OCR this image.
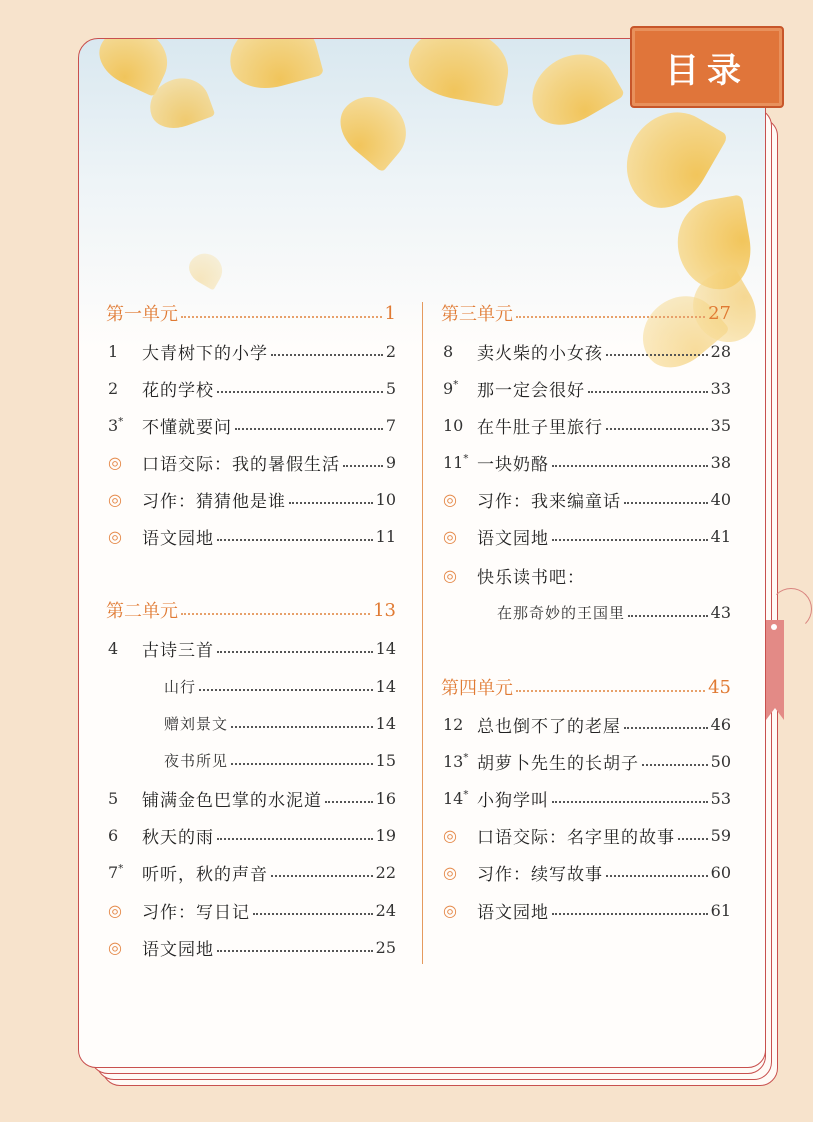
目录
第一单元	1
1	大青树下的小学	2
2	花的学校	5
3*	不懂就要问	7
◎	口语交际：我的暑假生活	9
◎	习作：猜猜他是谁	10
◎	语文园地	11
第二单元	13
4	古诗三首	14
山行	14
赠刘景文	14
夜书所见	15
5	铺满金色巴掌的水泥道	16
6	秋天的雨	19
7*	听听，秋的声音	22
◎	习作：写日记	24
◎	语文园地	25
第三单元	27
8	卖火柴的小女孩	28
9*	那一定会很好	33
10 在牛肚子里旅行	35
11* 一块奶酪	38
◎	习作：我来编童话	40
◎	语文园地	41
◎	快乐读书吧：
在那奇妙的王国里	43
第四单元	45
12 总也倒不了的老屋	46
13* 胡萝卜先生的长胡子	50
14* 小狗学叫	53
◎	口语交际：名字里的故事 59
◎	习作：续写故事	60
◎	语文园地	61
